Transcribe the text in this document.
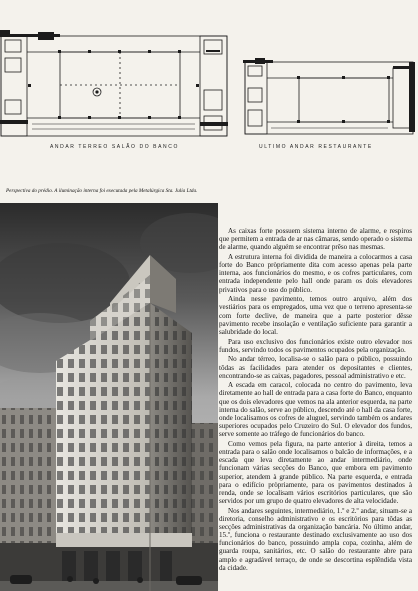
ANDAR TERREO SALÃO DO BANCO	ULTIMO ANDAR RESTAURANTE
Perspectiva do prédio. A iluminação interna foi executada pela Metalúrgica Sta. Julia Ltda.

As caixas forte possuem sistema interno de alarme, e respiros que permitem a entrada de ar nas câmaras, sendo operado o sistema de alarme, quando alguém se encontrar prêso nas mesmas.

A estrutura interna foi dividida de maneira a colocarmos a casa forte do Banco pròpriamente dita com acesso apenas pela parte interna, aos funcionários do mesmo, e os cofres particulares, com entrada independente pelo hall onde param os dois elevadores privativos para o uso do público.

Ainda nesse pavimento, temos outro arquivo, além dos vestiários para os empregados, uma vez que o terreno apresenta-se com forte declive, de maneira que a parte posterior dêsse pavimento recebe insolação e ventilação suficiente para garantir a salubridade do local.

Para uso exclusivo dos funcionários existe outro elevador nos fundos, servindo todos os pavimentos ocupados pela organização.

No andar térreo, localisa-se o salão para o público, possuindo tôdas as facilidades para atender os depositantes e clientes, encontrando-se as caixas, pagadores, pessoal administrativo e etc.

A escada em caracol, colocada no centro do pavimento, leva diretamente ao hall de entrada para a casa forte do Banco, enquanto que os dois elevadores que vemos na ala anterior esquerda, na parte interna do salão, serve ao público, descendo até o hall da casa forte, onde localisamos os cofres de aluguel, servindo também os andares superiores ocupados pelo Cruzeiro do Sul. O elevador dos fundos, serve somente ao tráfego de funcionários do banco.

Como vemos pela figura, na parte anterior à direita, temos a entrada para o salão onde localisamos o balcão de informações, e a escada que leva diretamente ao andar intermediário, onde funcionam várias secções do Banco, que embora em pavimento superior, atendem à grande público. Na parte esquerda, e entrada para o edifício pròpriamente, para os pavimentos destinados à renda, onde se localisam vários escritórios particulares, que são servidos por um grupo de quatro elevadores de alta velocidade.

Nos andares seguintes, intermediário, 1.º e 2.º andar, situam-se a diretoria, conselho administrativo e os escritórios para tôdas as secções administrativas da organização bancária. No último andar, 15.º, funciona o restaurante destinado exclusivamente ao uso dos funcionários do banco, possuindo ampla copa, cozinha, além de guarda roupa, sanitários, etc. O salão do restaurante abre para amplo e agradável terraço, de onde se descortina esplêndida vista da cidade.
